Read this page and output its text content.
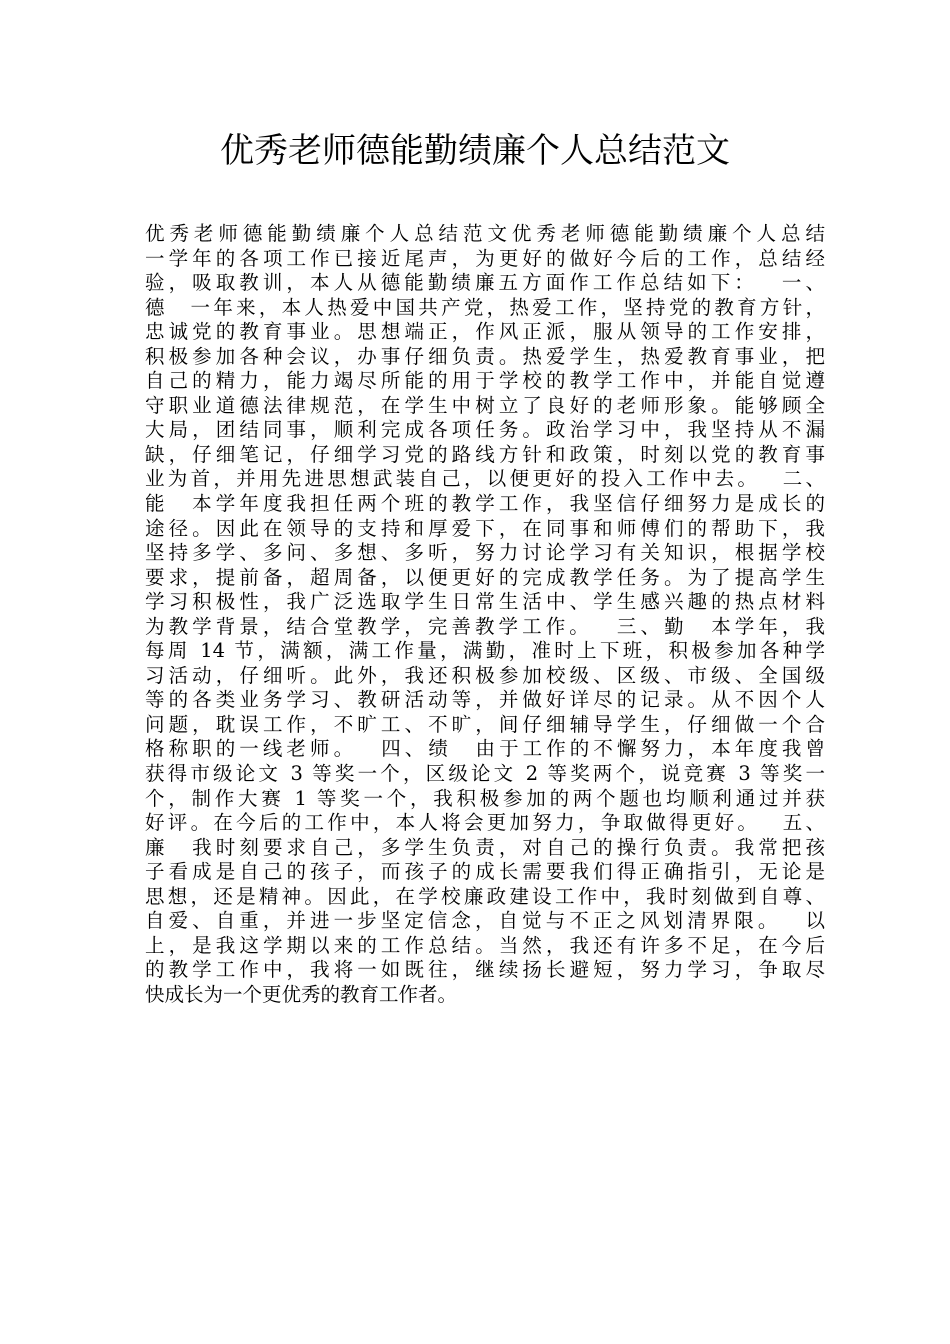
优秀老师德能勤绩廉个人总结范文
优秀老师德能勤绩廉个人总结范文优秀老师德能勤绩廉个人总结
一学年的各项工作已接近尾声，为更好的做好今后的工作，总结经
验，吸取教训，本人从德能勤绩廉五方面作工作总结如下：　 一、
德　一年来，本人热爱中国共产党，热爱工作，坚持党的教育方针，
忠诚党的教育事业。思想端正，作风正派，服从领导的工作安排，
积极参加各种会议，办事仔细负责。热爱学生，热爱教育事业，把
自己的精力，能力竭尽所能的用于学校的教学工作中，并能自觉遵
守职业道德法律规范，在学生中树立了良好的老师形象。能够顾全
大局，团结同事，顺利完成各项任务。政治学习中，我坚持从不漏
缺，仔细笔记，仔细学习党的路线方针和政策，时刻以党的教育事
业为首，并用先进思想武装自己，以便更好的投入工作中去。　 二、
能　本学年度我担任两个班的教学工作，我坚信仔细努力是成长的
途径。因此在领导的支持和厚爱下，在同事和师傅们的帮助下，我
坚持多学、多问、多想、多听，努力讨论学习有关知识，根据学校
要求，提前备，超周备，以便更好的完成教学任务。为了提高学生
学习积极性，我广泛选取学生日常生活中、学生感兴趣的热点材料
为教学背景，结合堂教学，完善教学工作。　 三、勤　本学年，我
每周 14 节，满额，满工作量，满勤，准时上下班，积极参加各种学
习活动，仔细听。此外，我还积极参加校级、区级、市级、全国级
等的各类业务学习、教研活动等，并做好详尽的记录。从不因个人
问题，耽误工作，不旷工、不旷，间仔细辅导学生，仔细做一个合
格称职的一线老师。　 四、绩　由于工作的不懈努力，本年度我曾
获得市级论文 3 等奖一个，区级论文 2 等奖两个，说竞赛 3 等奖一
个，制作大赛 1 等奖一个，我积极参加的两个题也均顺利通过并获
好评。在今后的工作中，本人将会更加努力，争取做得更好。　 五、
廉　我时刻要求自己，多学生负责，对自己的操行负责。我常把孩
子看成是自己的孩子，而孩子的成长需要我们得正确指引，无论是
思想，还是精神。因此，在学校廉政建设工作中，我时刻做到自尊、
自爱、自重，并进一步坚定信念，自觉与不正之风划清界限。　 以
上，是我这学期以来的工作总结。当然，我还有许多不足，在今后
的教学工作中，我将一如既往，继续扬长避短，努力学习，争取尽
快成长为一个更优秀的教育工作者。
